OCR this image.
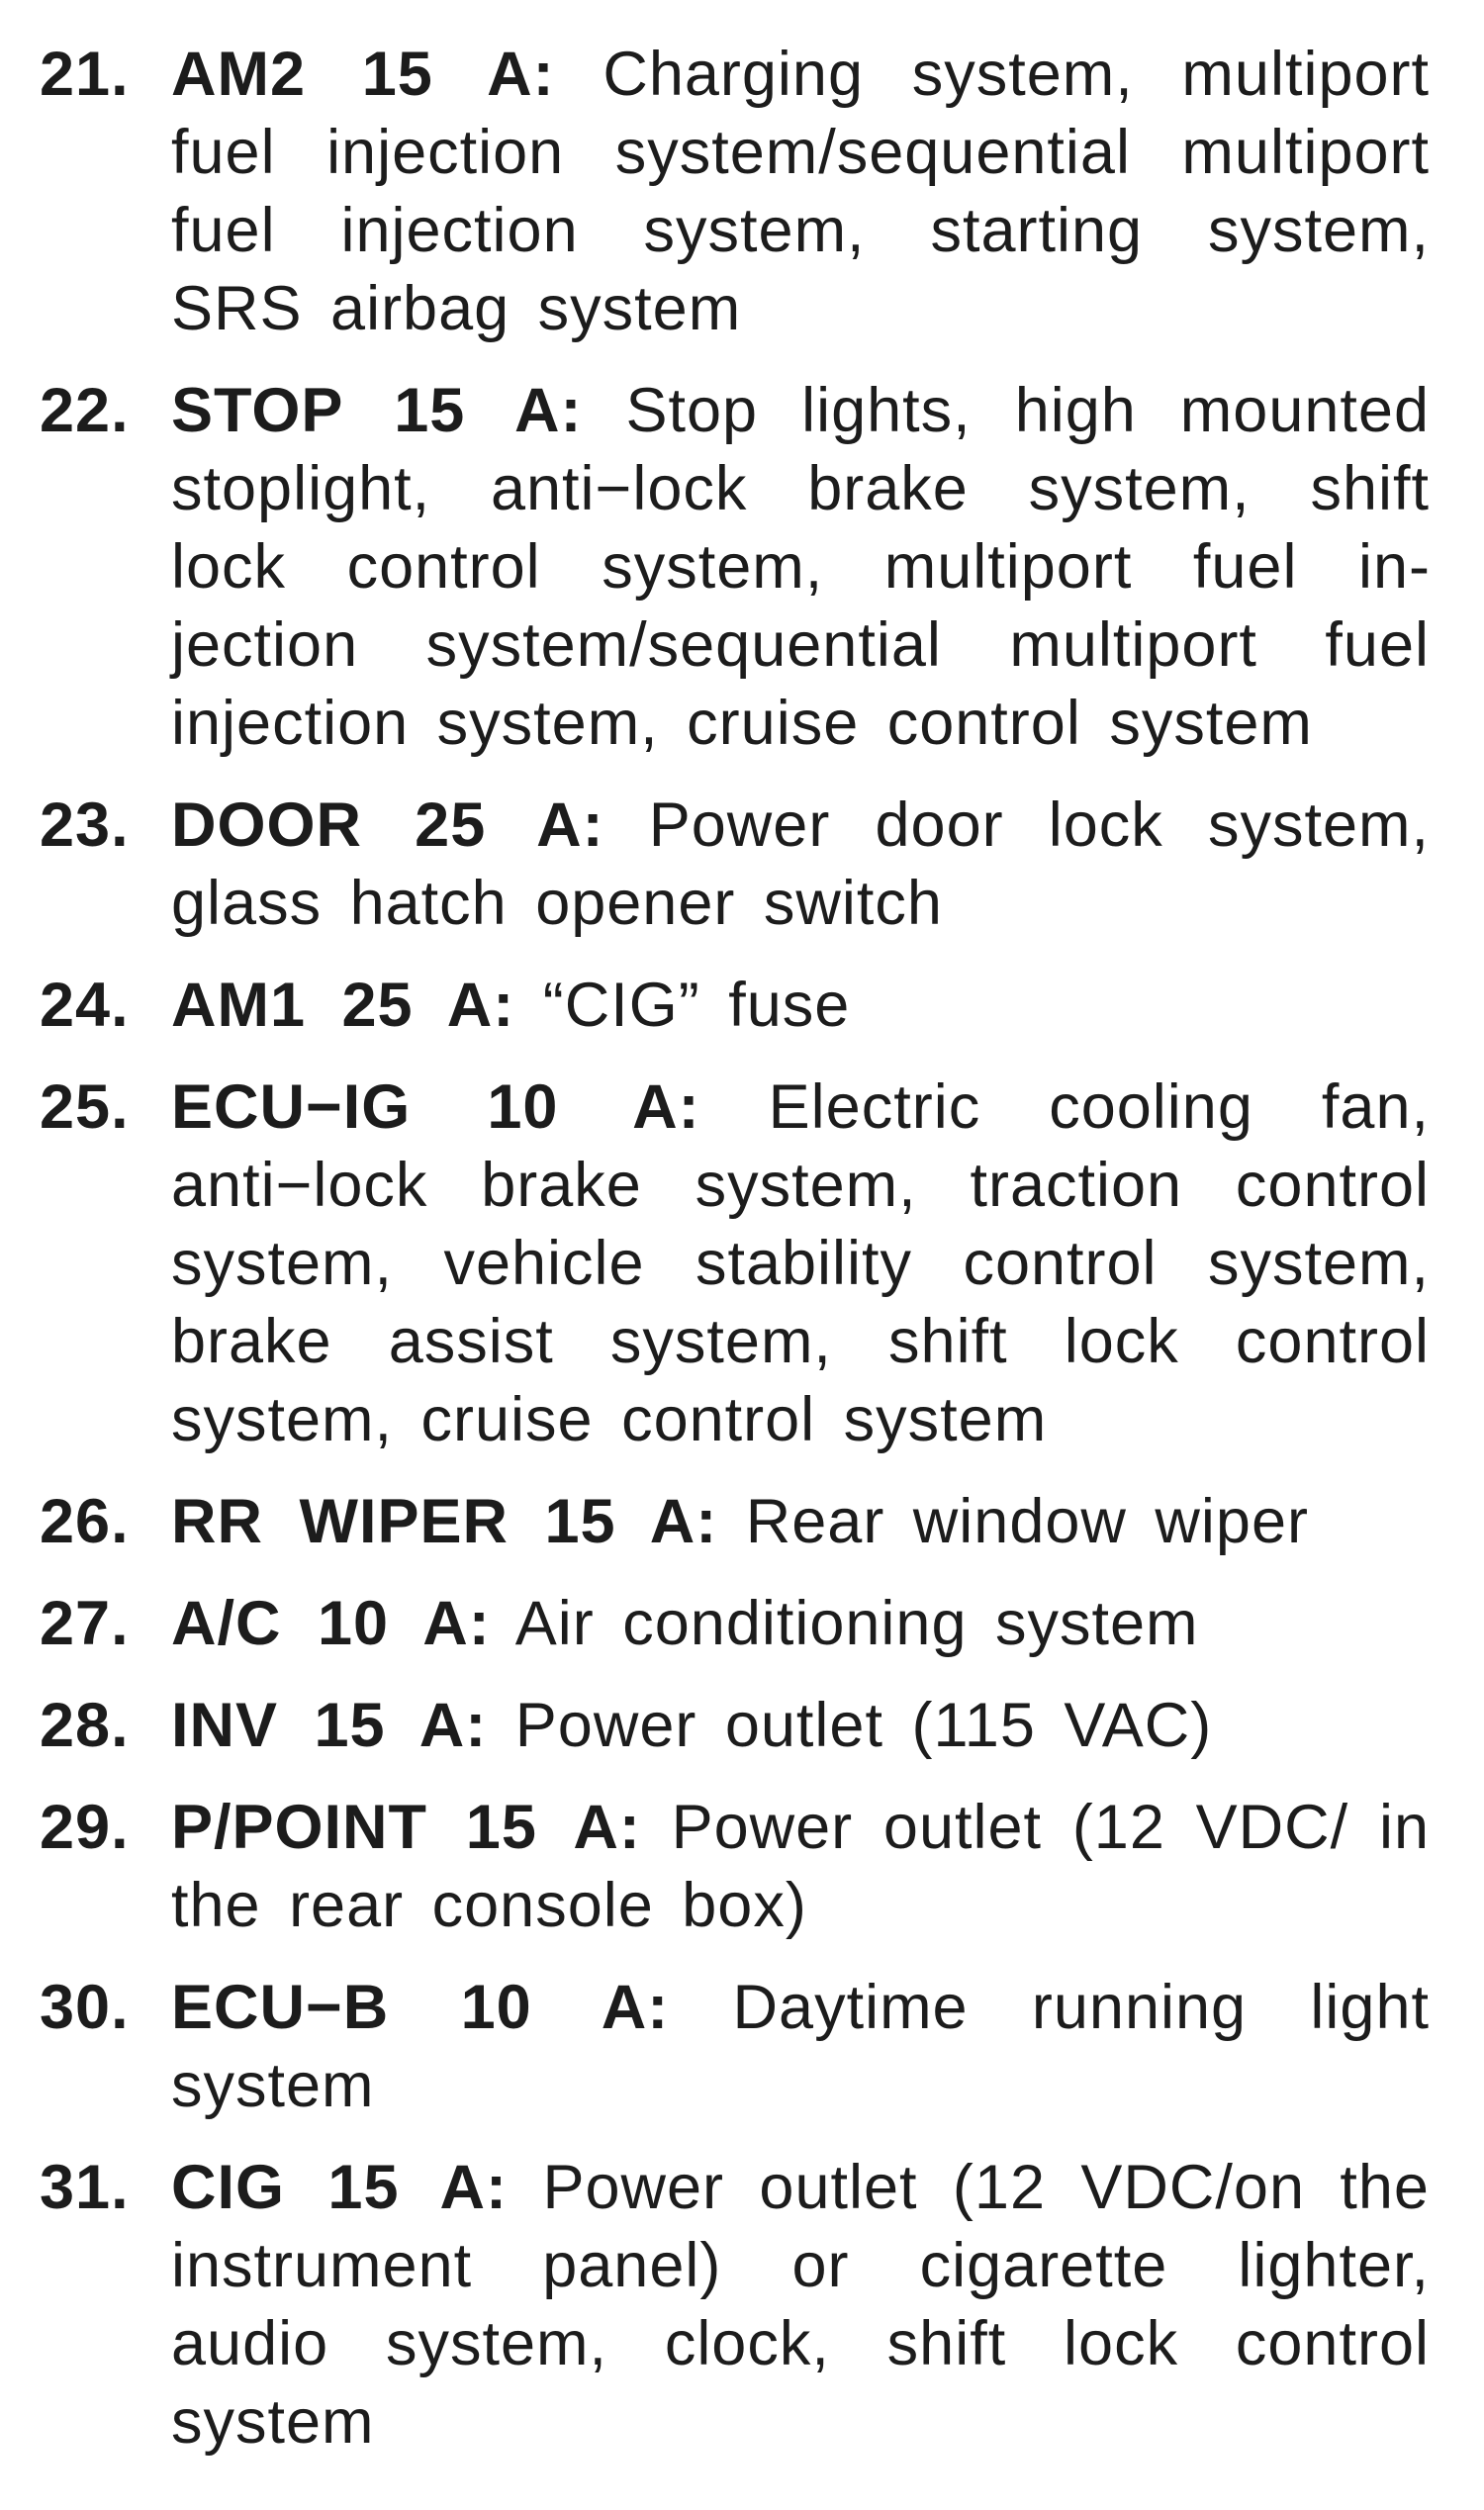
21. AM2 15 A: Charging system, multiport fuel injection system/sequential multiport fuel injection system, starting system, SRS airbag system
22. STOP 15 A: Stop lights, high mounted stoplight, anti−lock brake system, shift lock control system, multiport fuel injection system/sequential multiport fuel injection system, cruise control system
23. DOOR 25 A: Power door lock system, glass hatch opener switch
24. AM1 25 A: “CIG” fuse
25. ECU−IG 10 A: Electric cooling fan, anti−lock brake system, traction control system, vehicle stability control system, brake assist system, shift lock control system, cruise control system
26. RR WIPER 15 A: Rear window wiper
27. A/C 10 A: Air conditioning system
28. INV 15 A: Power outlet (115 VAC)
29. P/POINT 15 A: Power outlet (12 VDC/ in the rear console box)
30. ECU−B 10 A: Daytime running light system
31. CIG 15 A: Power outlet (12 VDC/on the instrument panel) or cigarette lighter, audio system, clock, shift lock control system
